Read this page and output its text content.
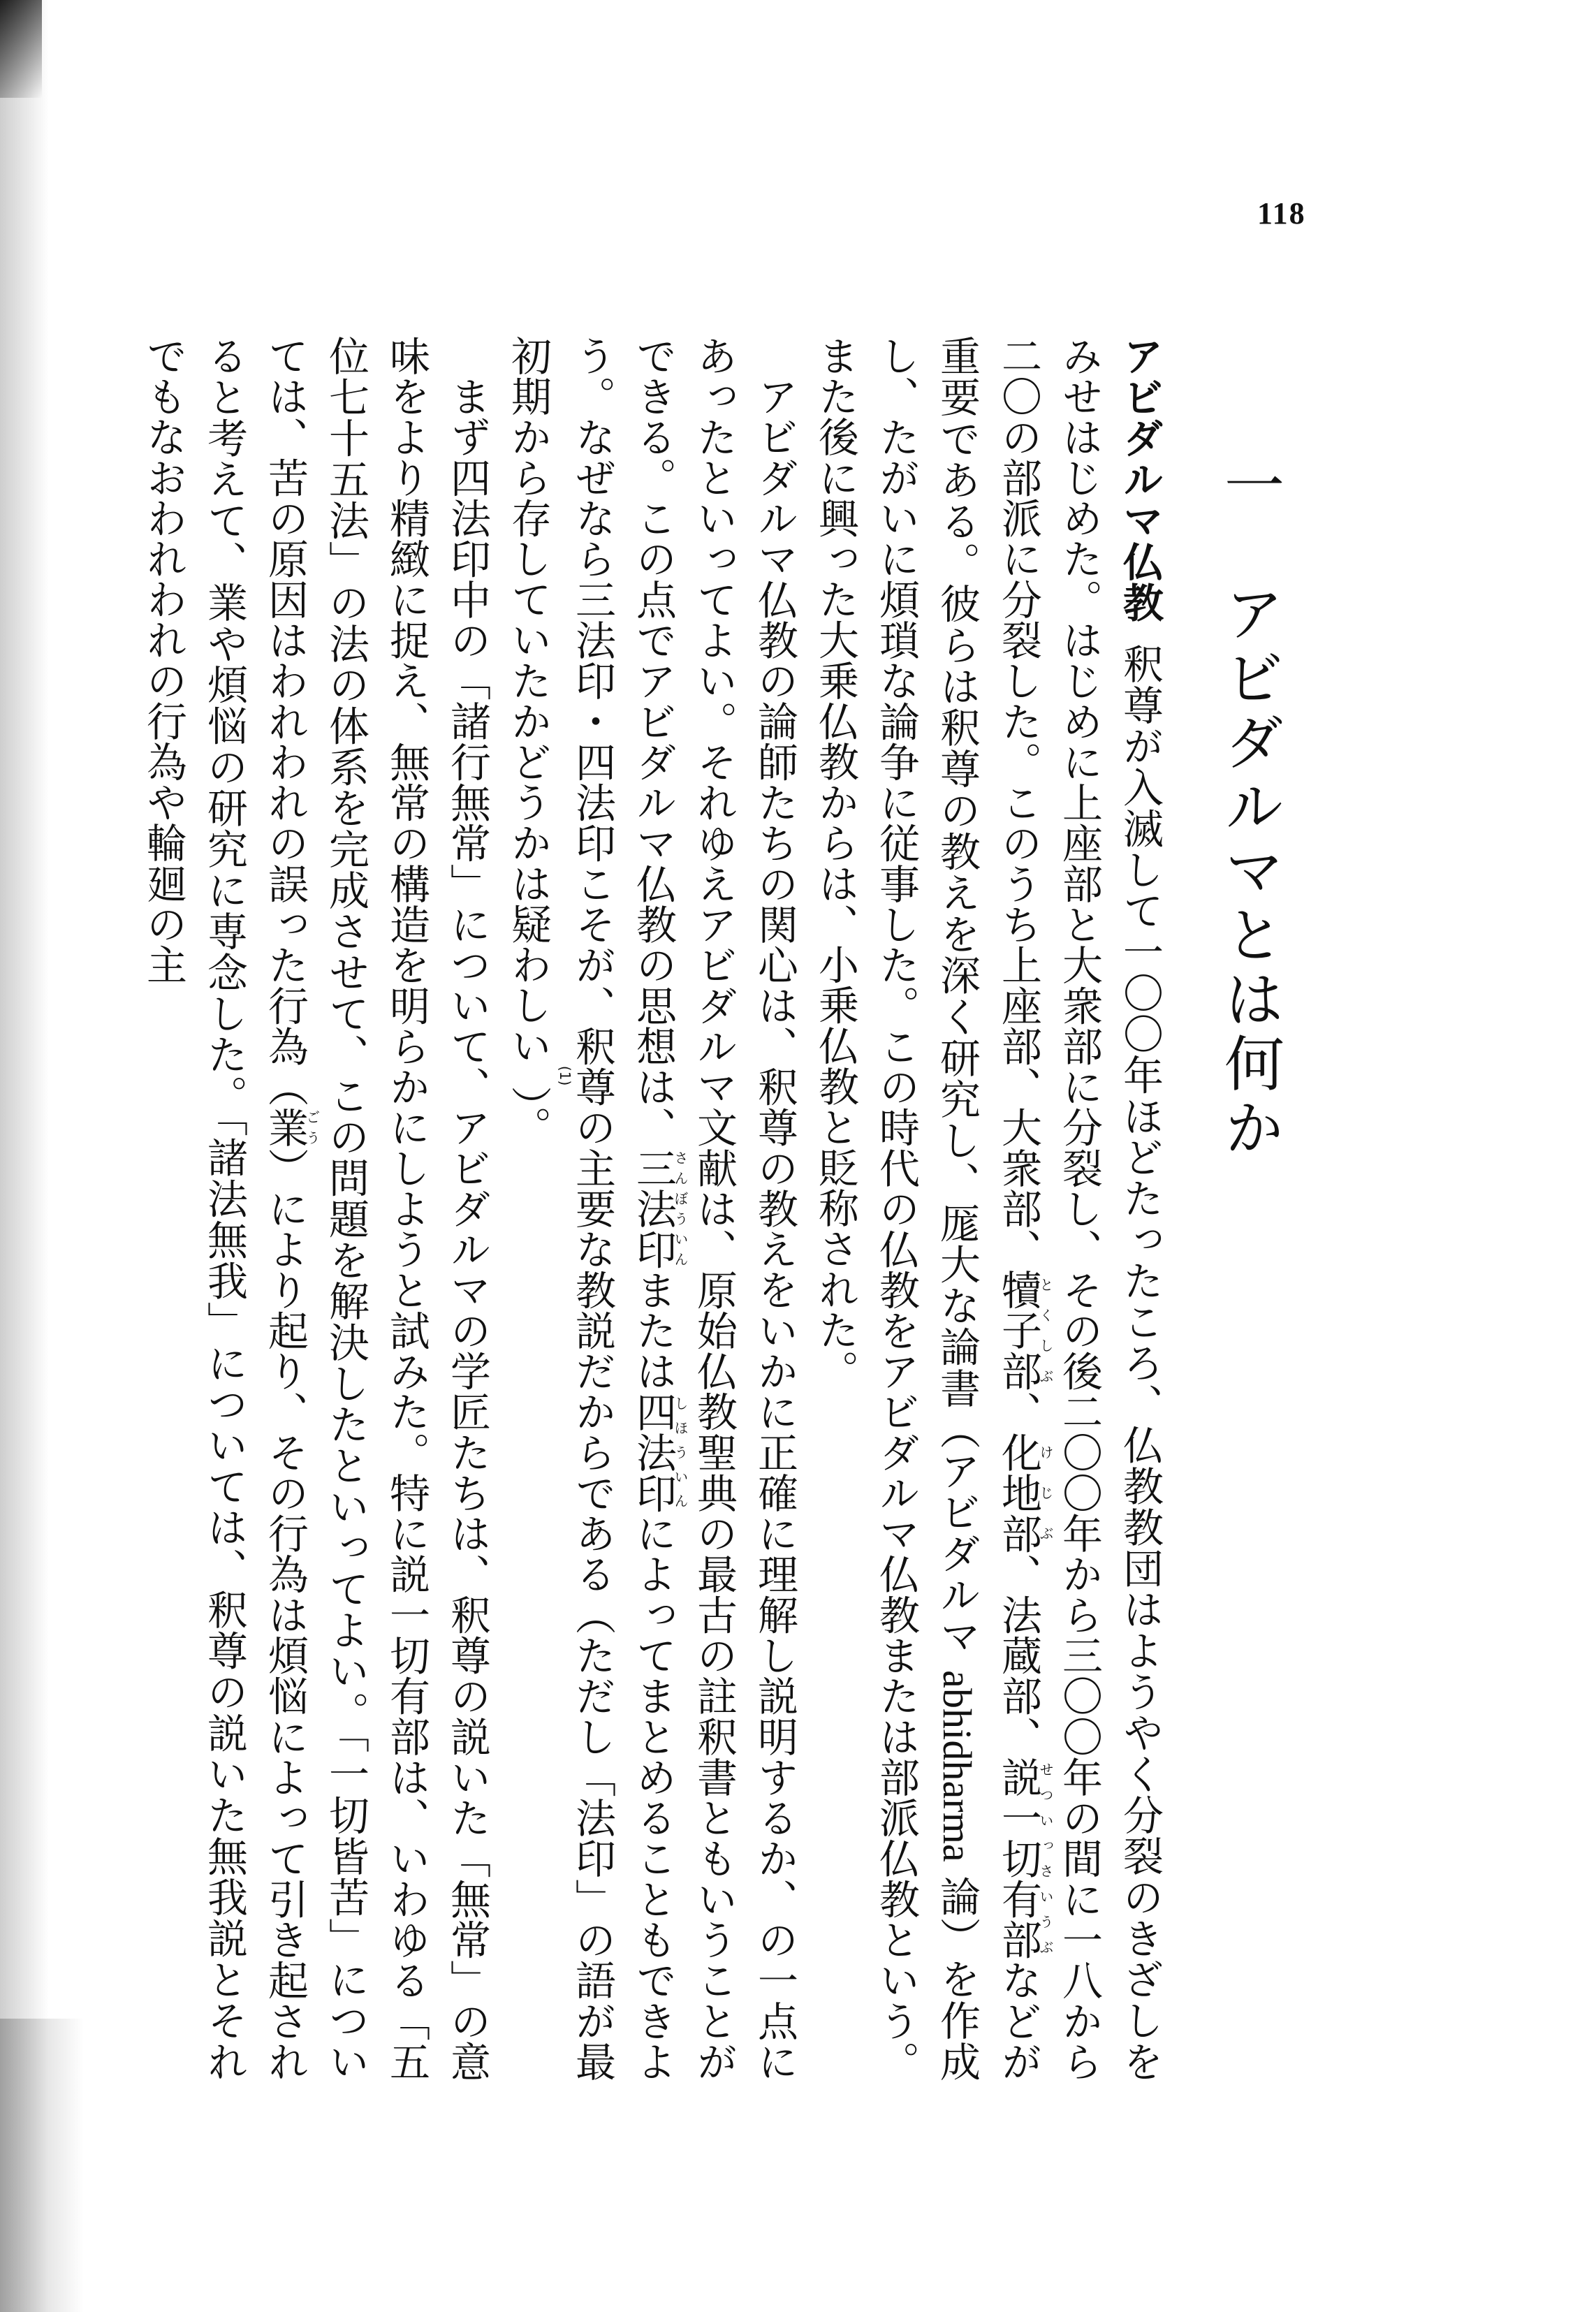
118
一　アビダルマとは何か

アビダルマ仏教釈尊が入滅して一〇〇年ほどたったころ、仏教教団はようやく分裂のきざしをみせはじめた。はじめに上座部と大衆部に分裂し、その後二〇〇年から三〇〇年の間に一八から二〇の部派に分裂した。このうち上座部、大衆部、犢子部とくしぶ、化地部けじぶ、法蔵部、説一切有部せついっさいうぶなどが重要である。彼らは釈尊の教えを深く研究し、厖大な論書（アビダルマ abhidharma 論）を作成し、たがいに煩瑣な論争に従事した。この時代の仏教をアビダルマ仏教または部派仏教という。また後に興った大乗仏教からは、小乗仏教と貶称された。

アビダルマ仏教の論師たちの関心は、釈尊の教えをいかに正確に理解し説明するか、の一点にあったといってよい。それゆえアビダルマ文献は、原始仏教聖典の最古の註釈書ともいうことができる。この点でアビダルマ仏教の思想は、三法印さんぼういんまたは四法印しほういんによってまとめることもできよう。なぜなら三法印・四法印こそが、釈尊の主要な教説だからである（ただし「法印」の語が最初期から存していたかどうかは疑わしい(1)）。

まず四法印中の「諸行無常」について、アビダルマの学匠たちは、釈尊の説いた「無常」の意味をより精緻に捉え、無常の構造を明らかにしようと試みた。特に説一切有部は、いわゆる「五位七十五法」の法の体系を完成させて、この問題を解決したといってよい。「一切皆苦」については、苦の原因はわれわれの誤った行為（業ごう）により起り、その行為は煩悩によって引き起されると考えて、業や煩悩の研究に専念した。「諸法無我」については、釈尊の説いた無我説とそれでもなおわれわれの行為や輪廻の主
